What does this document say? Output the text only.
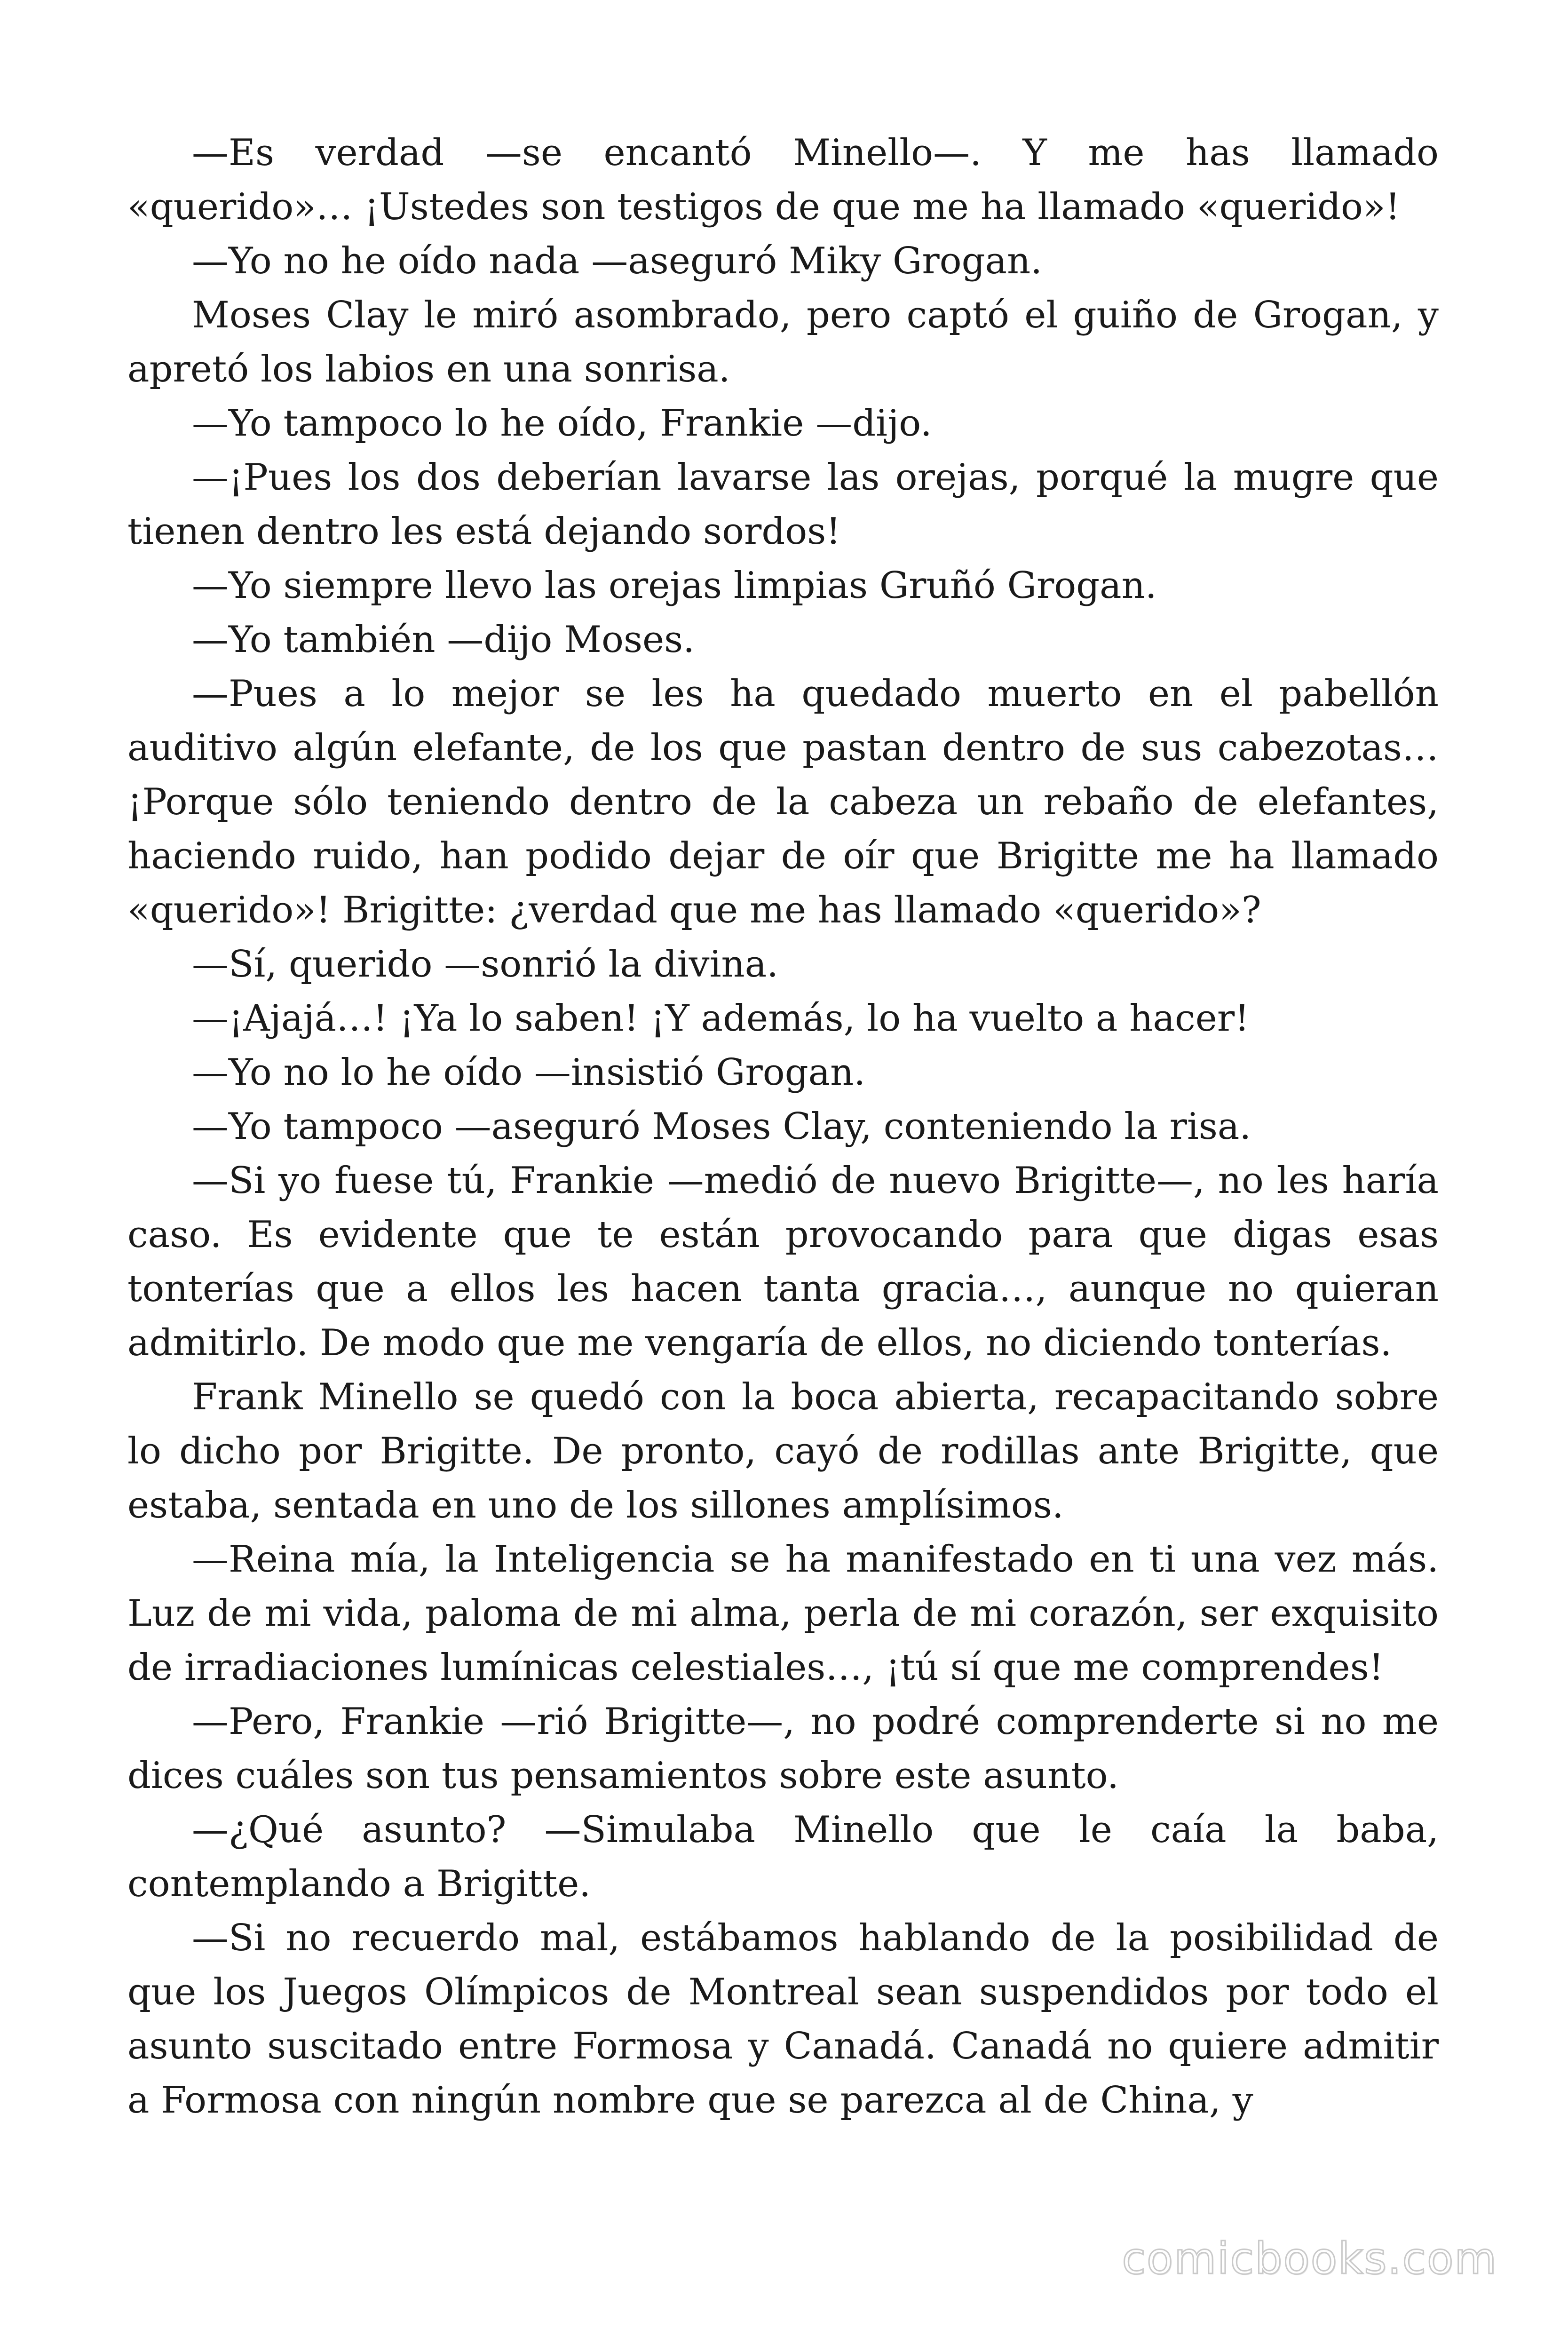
—Es verdad —se encantó Minello—. Y me has llamado «querido»… ¡Ustedes son testigos de que me ha llamado «querido»!

—Yo no he oído nada —aseguró Miky Grogan.

Moses Clay le miró asombrado, pero captó el guiño de Grogan, y apretó los labios en una sonrisa.

—Yo tampoco lo he oído, Frankie —dijo.

—¡Pues los dos deberían lavarse las orejas, porqué la mugre que tienen dentro les está dejando sordos!

—Yo siempre llevo las orejas limpias Gruñó Grogan.

—Yo también —dijo Moses.

—Pues a lo mejor se les ha quedado muerto en el pabellón auditivo algún elefante, de los que pastan dentro de sus cabezotas… ¡Porque sólo teniendo dentro de la cabeza un rebaño de elefantes, haciendo ruido, han podido dejar de oír que Brigitte me ha llamado «querido»! Brigitte: ¿verdad que me has llamado «querido»?

—Sí, querido —sonrió la divina.

—¡Ajajá…! ¡Ya lo saben! ¡Y además, lo ha vuelto a hacer!

—Yo no lo he oído —insistió Grogan.

—Yo tampoco —aseguró Moses Clay, conteniendo la risa.

—Si yo fuese tú, Frankie —medió de nuevo Brigitte—, no les haría caso. Es evidente que te están provocando para que digas esas tonterías que a ellos les hacen tanta gracia…, aunque no quieran admitirlo. De modo que me vengaría de ellos, no diciendo tonterías.

Frank Minello se quedó con la boca abierta, recapacitando sobre lo dicho por Brigitte. De pronto, cayó de rodillas ante Brigitte, que estaba, sentada en uno de los sillones amplísimos.

—Reina mía, la Inteligencia se ha manifestado en ti una vez más. Luz de mi vida, paloma de mi alma, perla de mi corazón, ser exquisito de irradiaciones lumínicas celestiales…, ¡tú sí que me comprendes!

—Pero, Frankie —rió Brigitte—, no podré comprenderte si no me dices cuáles son tus pensamientos sobre este asunto.

—¿Qué asunto? —Simulaba Minello que le caía la baba, contemplando a Brigitte.

—Si no recuerdo mal, estábamos hablando de la posibilidad de que los Juegos Olímpicos de Montreal sean suspendidos por todo el asunto suscitado entre Formosa y Canadá. Canadá no quiere admitir a Formosa con ningún nombre que se parezca al de China, y

comicbooks.com
